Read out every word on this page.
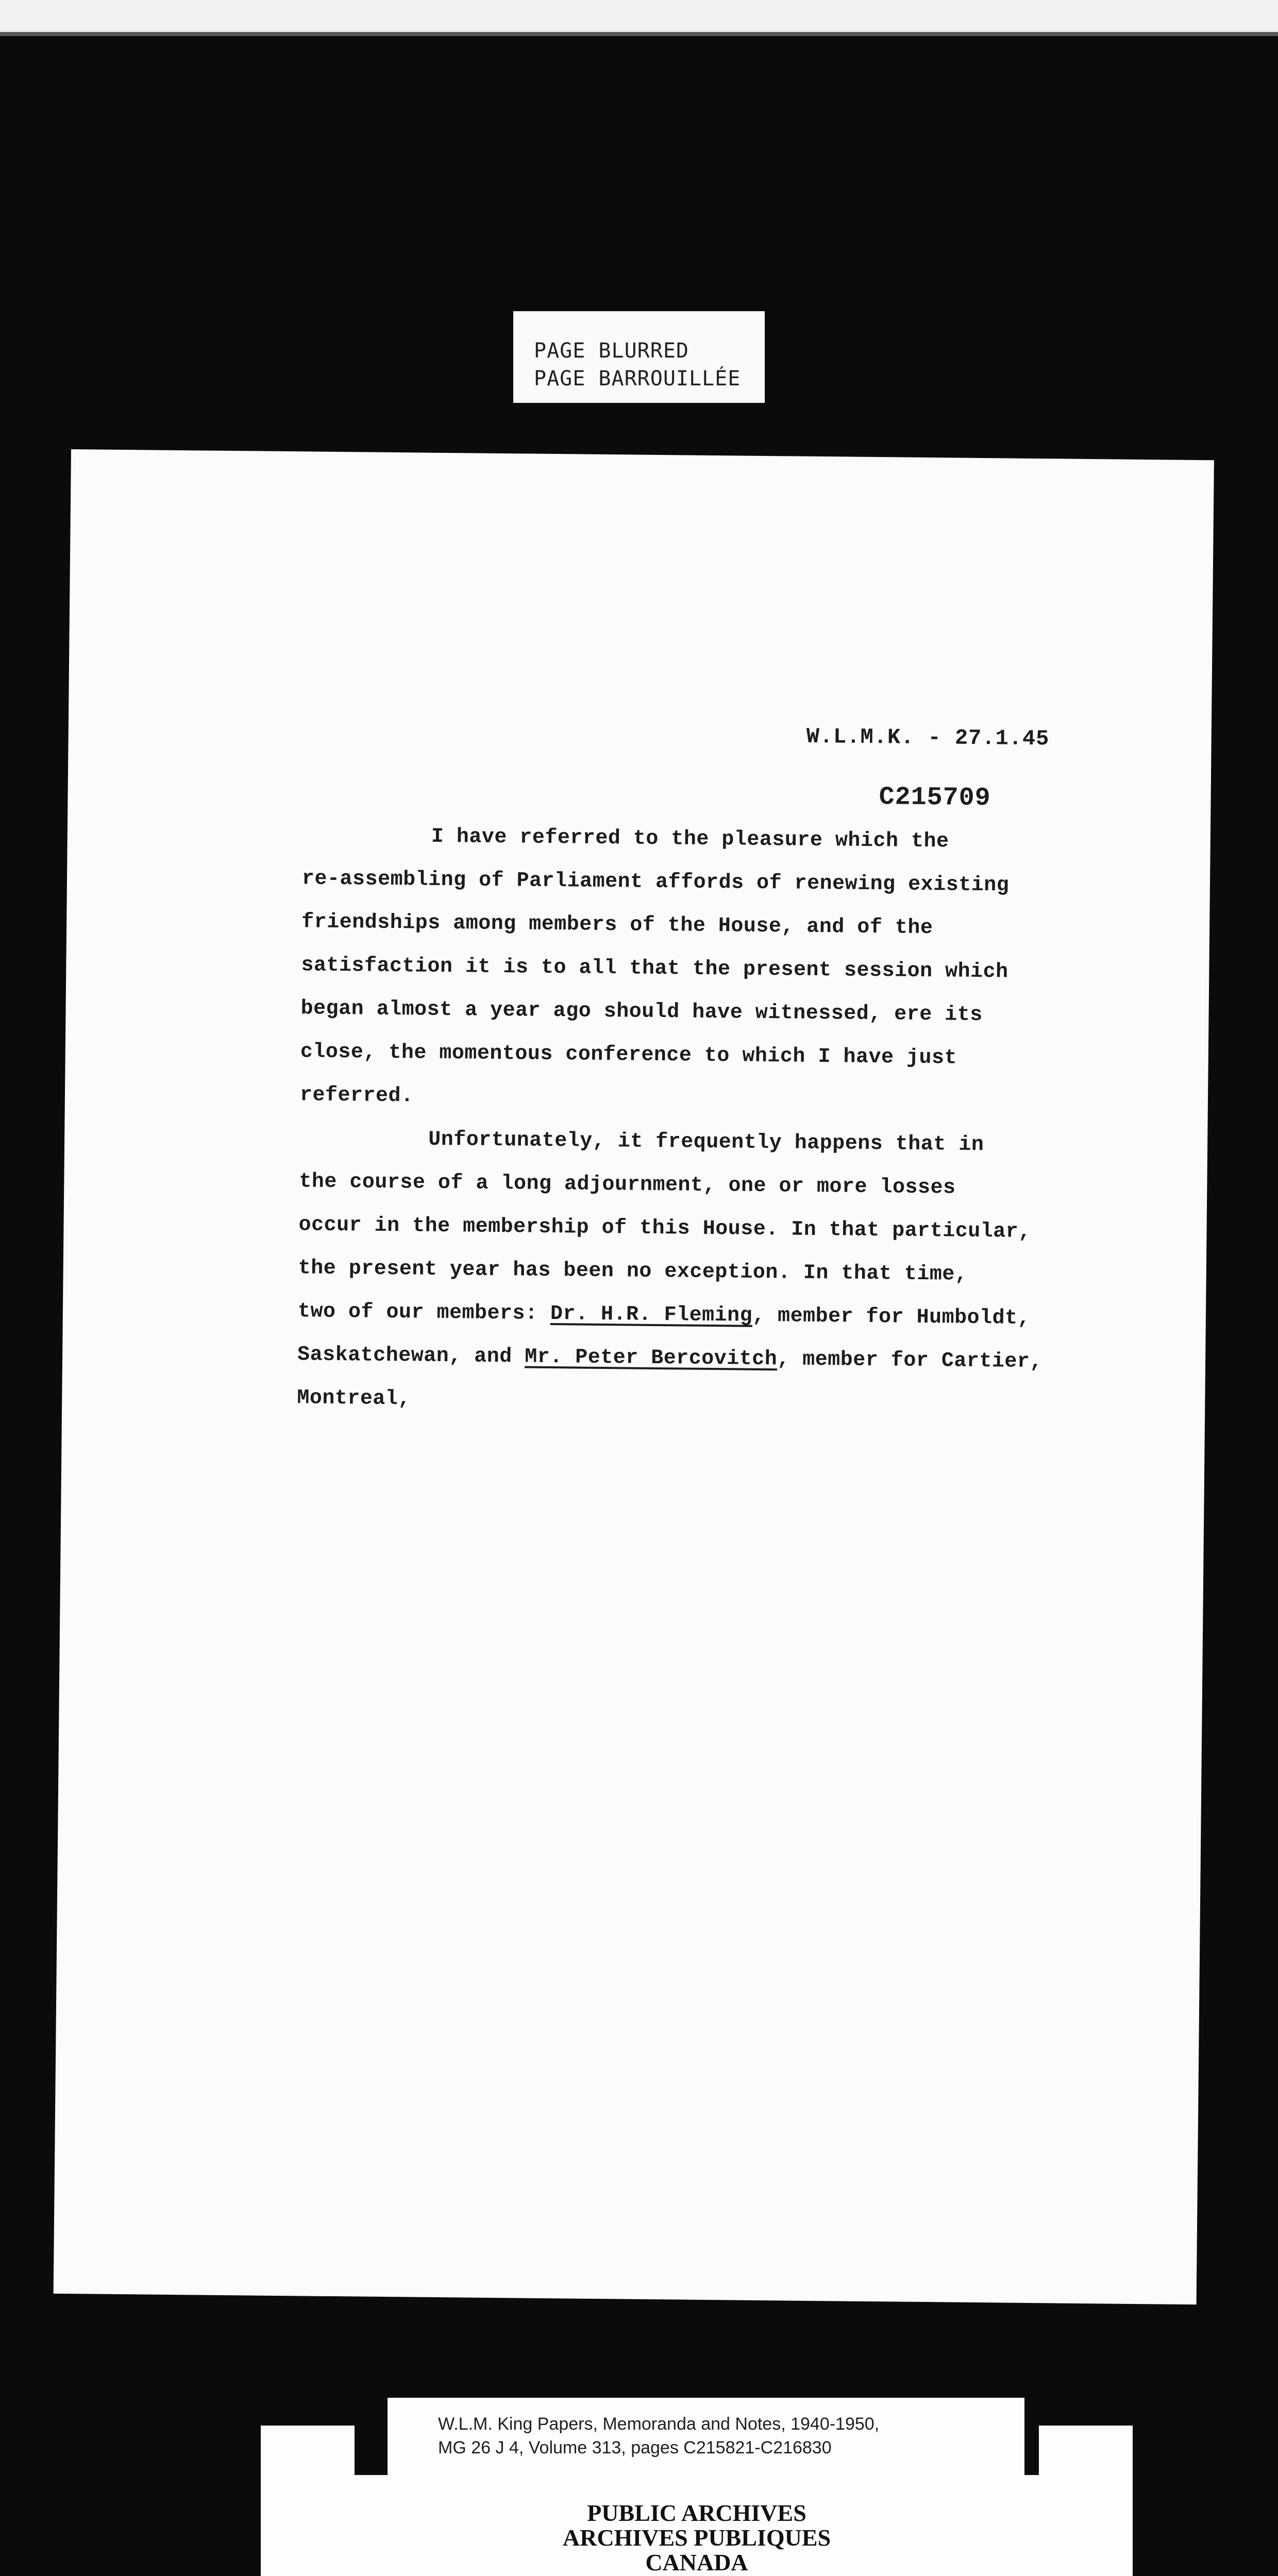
PAGE BLURRED
PAGE BARROUILLÉE
W.L.M.K. - 27.1.45
C215709
I have referred to the pleasure which the
re-assembling of Parliament affords of renewing existing
friendships among members of the House, and of the
satisfaction it is to all that the present session which
began almost a year ago should have witnessed, ere its
close, the momentous conference to which I have just
referred.
Unfortunately, it frequently happens that in
the course of a long adjournment, one or more losses
occur in the membership of this House. In that particular,
the present year has been no exception. In that time,
two of our members: Dr. H.R. Fleming, member for Humboldt,
Saskatchewan, and Mr. Peter Bercovitch, member for Cartier,
Montreal,
W.L.M. King Papers, Memoranda and Notes, 1940-1950,
MG 26 J 4, Volume 313, pages C215821-C216830
PUBLIC ARCHIVES
ARCHIVES PUBLIQUES
CANADA
